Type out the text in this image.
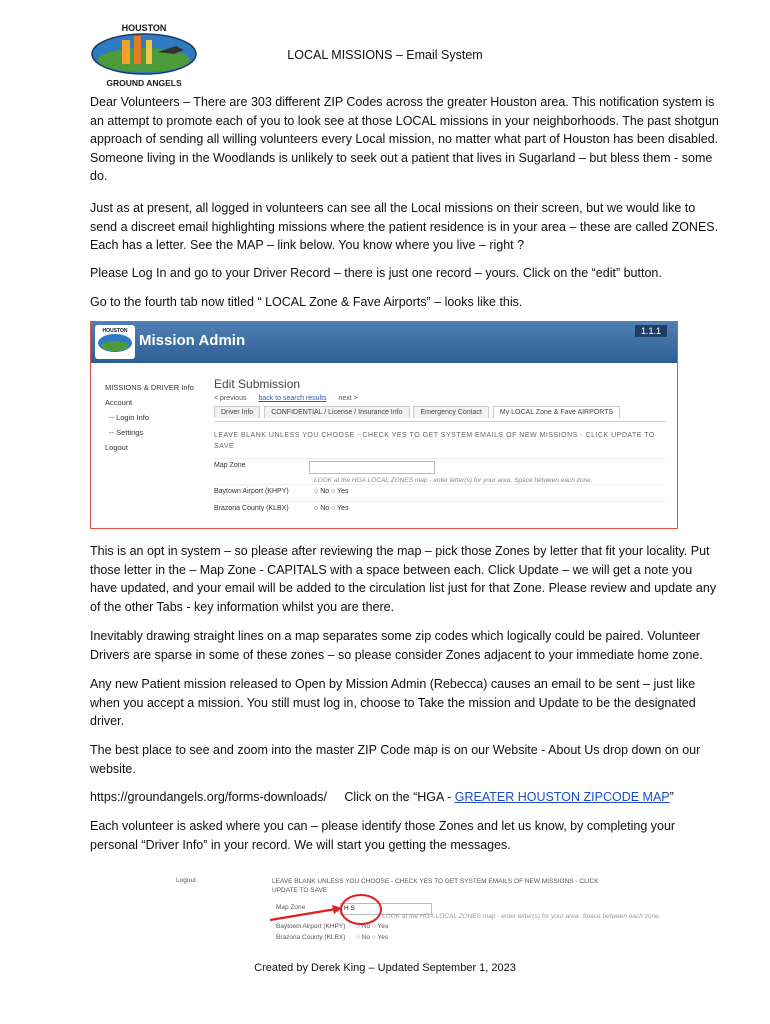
HOUSTON
GROUND ANGELS
LOCAL MISSIONS – Email System

Dear Volunteers – There are 303 different ZIP Codes across the greater Houston area. This notification system is an attempt to promote each of you to look see at those LOCAL missions in your neighborhoods. The past shotgun approach of sending all willing volunteers every Local mission, no matter what part of Houston has been disabled. Someone living in the Woodlands is unlikely to seek out a patient that lives in Sugarland – but bless them - some do.

Just as at present, all logged in volunteers can see all the Local missions on their screen, but we would like to send a discreet email highlighting missions where the patient residence is in your area – these are called ZONES. Each has a letter. See the MAP – link below. You know where you live – right ?

Please Log In and go to your Driver Record – there is just one record – yours. Click on the “edit” button.

Go to the fourth tab now titled “ LOCAL Zone & Fave Airports” – looks like this.

HOUSTON
Mission Admin
1.1.1
MISSIONS & DRIVER Info
Account
-- Login Info
-- Settings
Logout
Edit Submission
< previous back to search results next >
Driver Info	CONFIDENTIAL / License / Insurance Info	Emergency Contact	My LOCAL Zone & Fave AIRPORTS
LEAVE BLANK UNLESS YOU CHOOSE - CHECK YES TO GET SYSTEM EMAILS OF NEW MISSIONS - CLICK UPDATE TO SAVE
Map Zone
LOOK at the HGA LOCAL ZONES map - enter letter(s) for your area. Space between each zone.
Baytown Airport (KHPY)	○ No ○ Yes
Brazoria County (KLBX)	○ No ○ Yes

This is an opt in system – so please after reviewing the map – pick those Zones by letter that fit your locality. Put those letter in the – Map Zone - CAPITALS with a space between each. Click Update – we will get a note you have updated, and your email will be added to the circulation list just for that Zone. Please review and update any of the other Tabs - key information whilst you are there.

Inevitably drawing straight lines on a map separates some zip codes which logically could be paired. Volunteer Drivers are sparse in some of these zones – so please consider Zones adjacent to your immediate home zone.

Any new Patient mission released to Open by Mission Admin (Rebecca) causes an email to be sent – just like when you accept a mission. You still must log in, choose to Take the mission and Update to be the designated driver.

The best place to see and zoom into the master ZIP Code map is on our Website - About Us drop down on our website.

https://groundangels.org/forms-downloads/ Click on the “HGA - GREATER HOUSTON ZIPCODE MAP”

Each volunteer is asked where you can – please identify those Zones and let us know, by completing your personal “Driver Info” in your record. We will start you getting the messages.

Logout	LEAVE BLANK UNLESS YOU CHOOSE - CHECK YES TO GET SYSTEM EMAILS OF NEW MISSIONS - CLICK UPDATE TO SAVE
Map Zone	H S
LOOK at the HGA LOCAL ZONES map - enter letter(s) for your area. Space between each zone.
Baytown Airport (KHPY) ○ No ○ Yes
Brazoria County (KLBX) ○ No ○ Yes
Created by Derek King – Updated September 1, 2023
